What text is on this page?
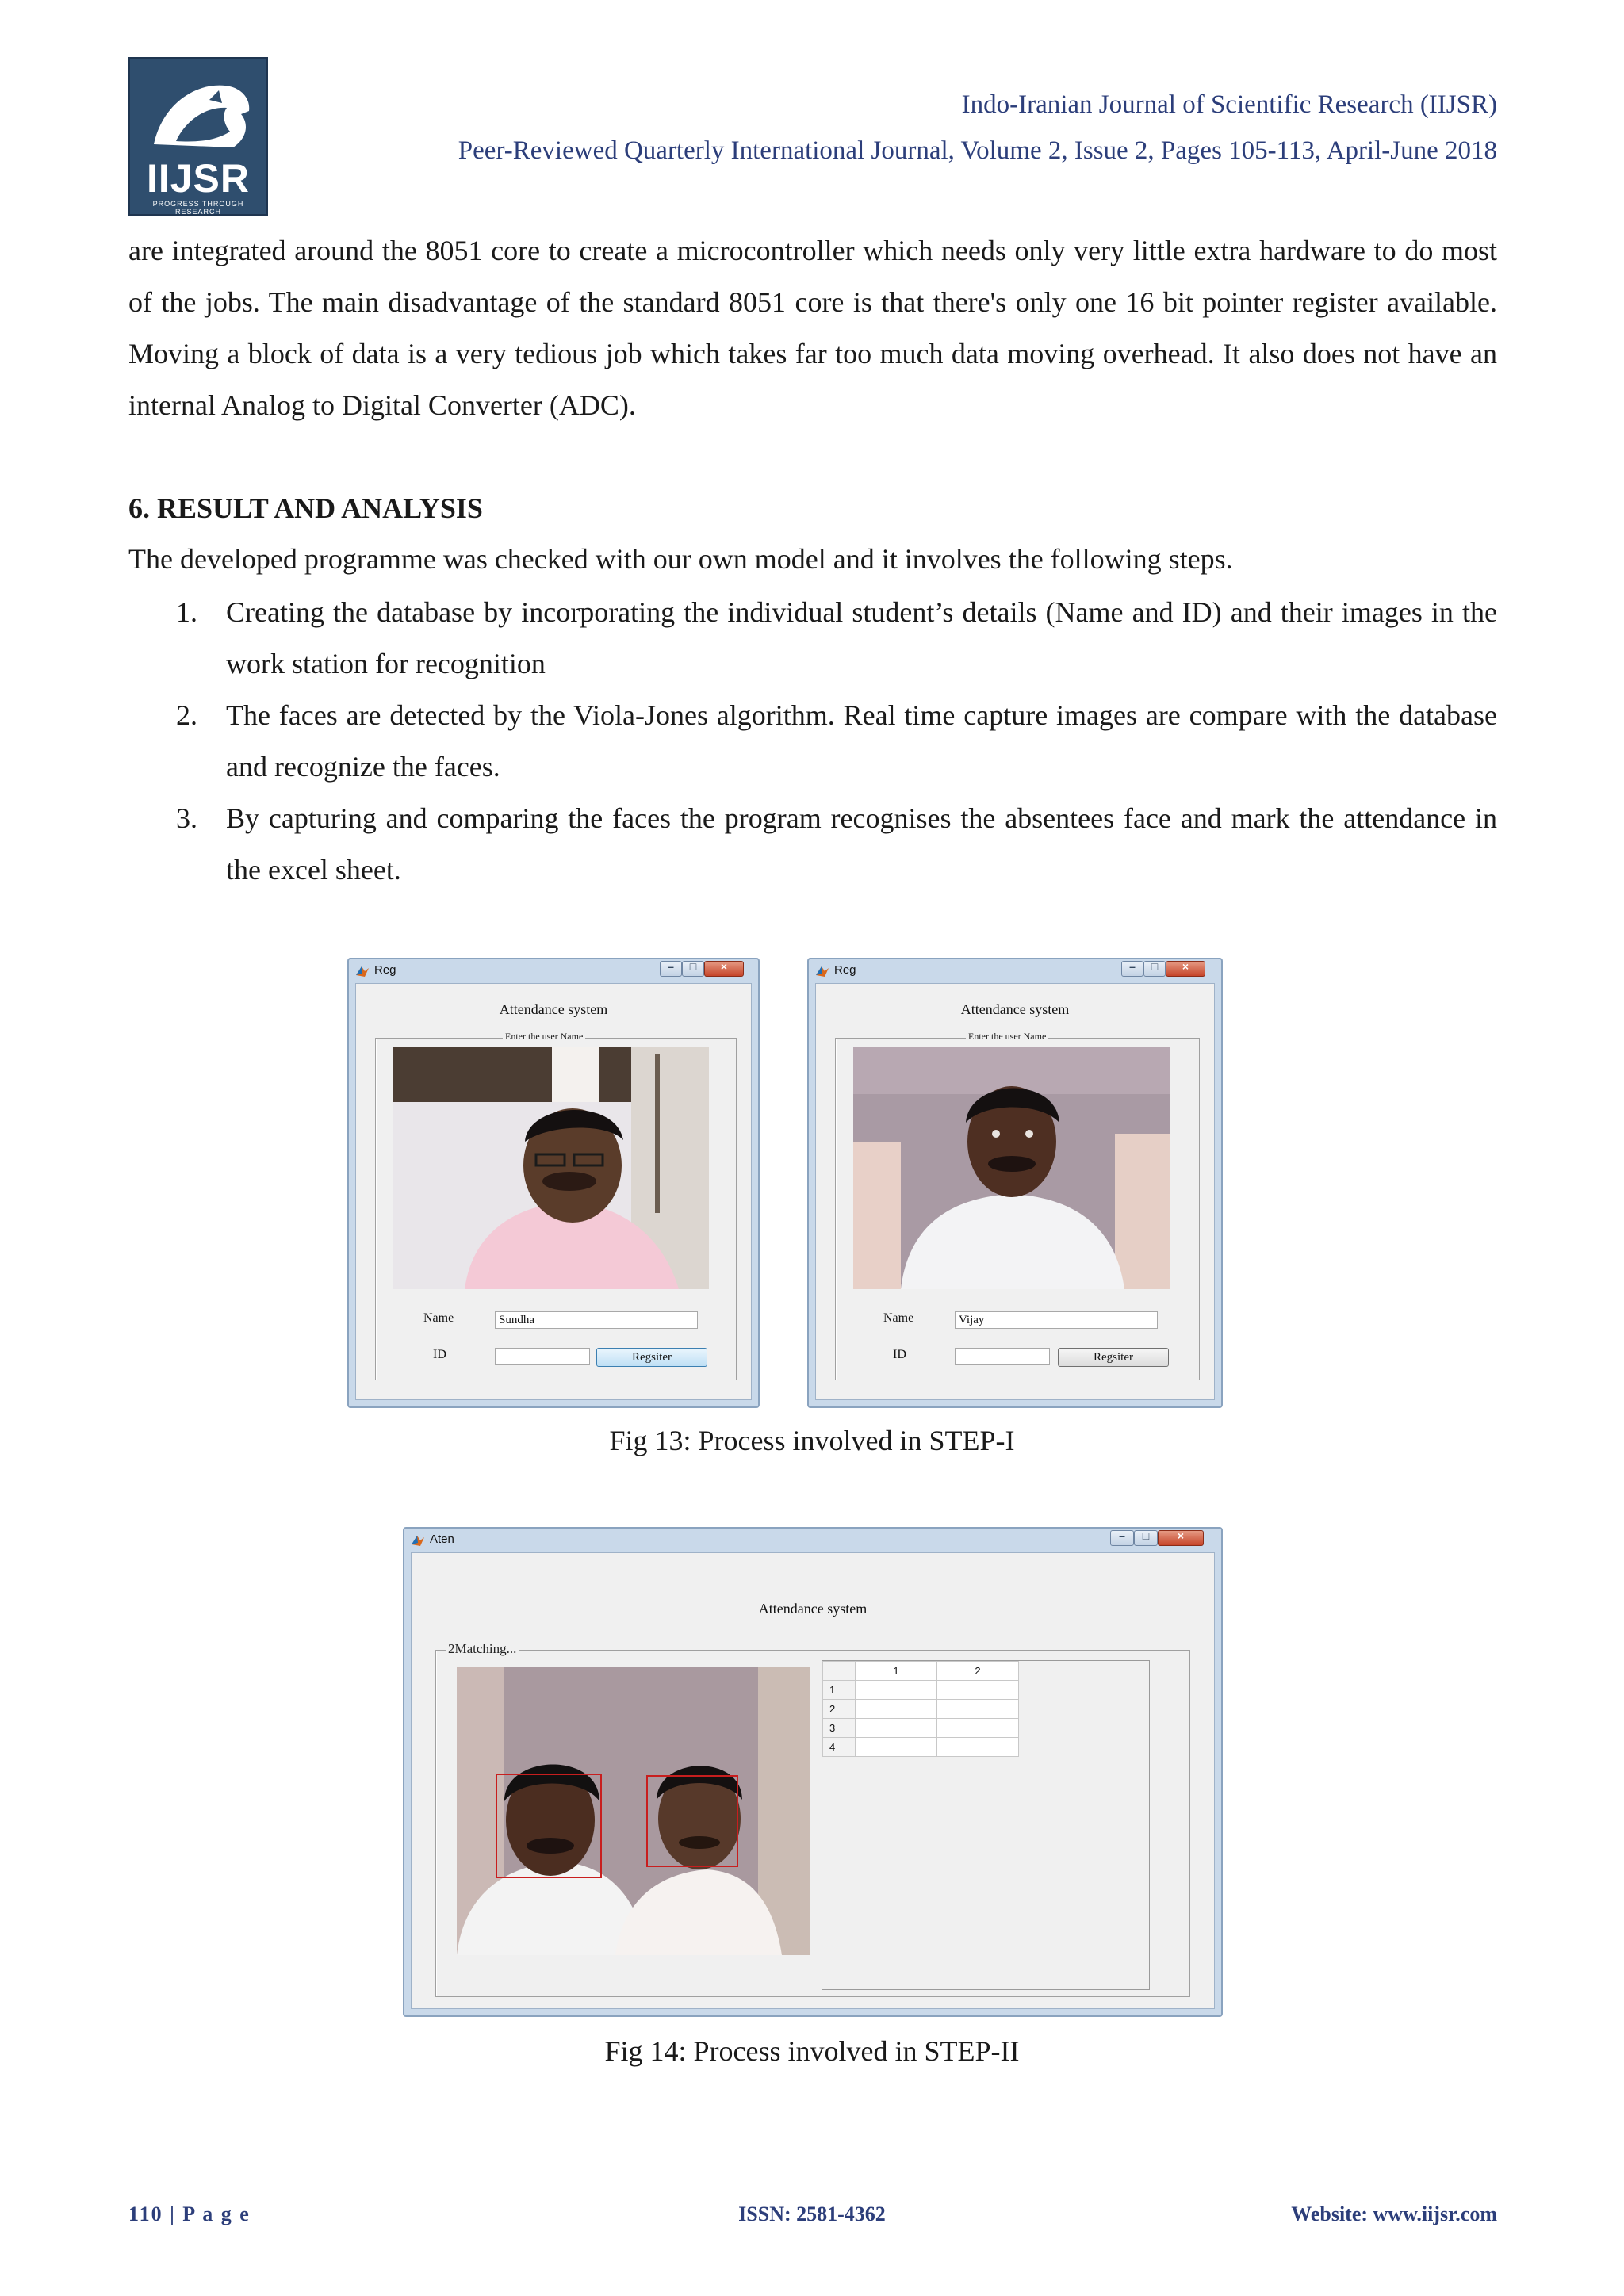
IIJSR
PROGRESS THROUGH RESEARCH
Indo-Iranian Journal of Scientific Research (IIJSR)
Peer-Reviewed Quarterly International Journal, Volume 2, Issue 2, Pages 105-113, April-June 2018
are integrated around the 8051 core to create a microcontroller which needs only very little extra hardware to do most of the jobs. The main disadvantage of the standard 8051 core is that there's only one 16 bit pointer register available. Moving a block of data is a very tedious job which takes far too much data moving overhead. It also does not have an internal Analog to Digital Converter (ADC).
6. RESULT AND ANALYSIS
The developed programme was checked with our own model and it involves the following steps.
1.	Creating the database by incorporating the individual student’s details (Name and ID) and their images in the work station for recognition
2.	The faces are detected by the Viola-Jones algorithm. Real time capture images are compare with the database and recognize the faces.
3.	By capturing and comparing the faces the program recognises the absentees face and mark the attendance in the excel sheet.
Reg	–	□	×
Attendance system
Enter the user Name
Name	Sundha
ID	Regsiter
Reg	–	□	×
Attendance system
Enter the user Name
Name	Vijay
ID	Regsiter
Fig 13: Process involved in STEP-I
Aten	–	□	×
Attendance system
2Matching...
	1	2
1		
2		
3		
4		
Fig 14: Process involved in STEP-II
110 | P a g e	ISSN: 2581-4362	Website: www.iijsr.com
